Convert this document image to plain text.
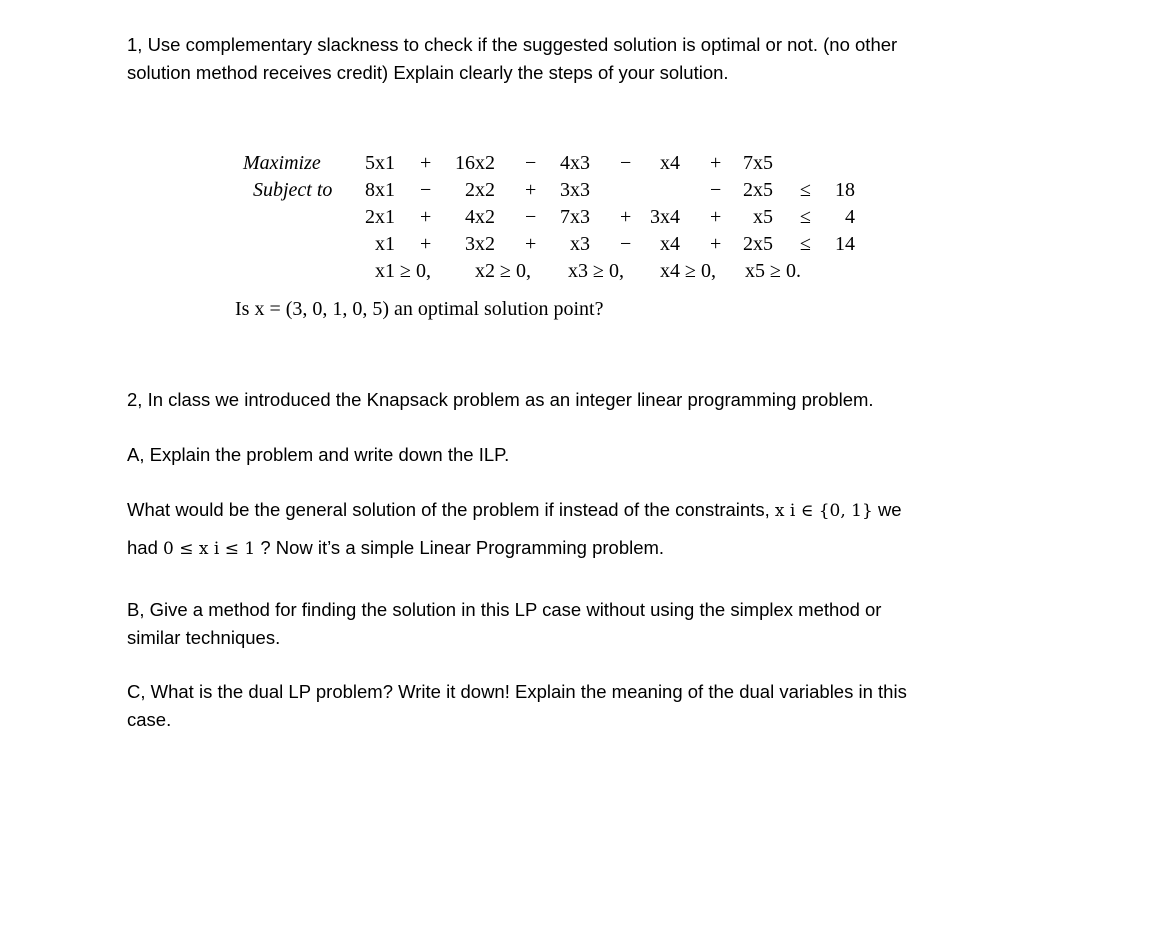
1, Use complementary slackness to check if the suggested solution is optimal or not. (no other
solution method receives credit) Explain clearly the steps of your solution.
Maximize
Subject to
5x1 + 16x2 − 4x3 − x4 + 7x5
8x1 − 2x2 + 3x3	− 2x5 ≤ 18
2x1 + 4x2 − 7x3 + 3x4 + x5 ≤ 4
x1 + 3x2 + x3 − x4 + 2x5 ≤ 14
x1 ≥ 0, x2 ≥ 0, x3 ≥ 0, x4 ≥ 0, x5 ≥ 0.
Is x = (3, 0, 1, 0, 5) an optimal solution point?
2, In class we introduced the Knapsack problem as an integer linear programming problem.
A, Explain the problem and write down the ILP.
What would be the general solution of the problem if instead of the constraints, x i ∈ {0, 1} we
had 0 ≤ x i ≤ 1 ? Now it’s a simple Linear Programming problem.
B, Give a method for finding the solution in this LP case without using the simplex method or
similar techniques.
C, What is the dual LP problem? Write it down! Explain the meaning of the dual variables in this
case.
